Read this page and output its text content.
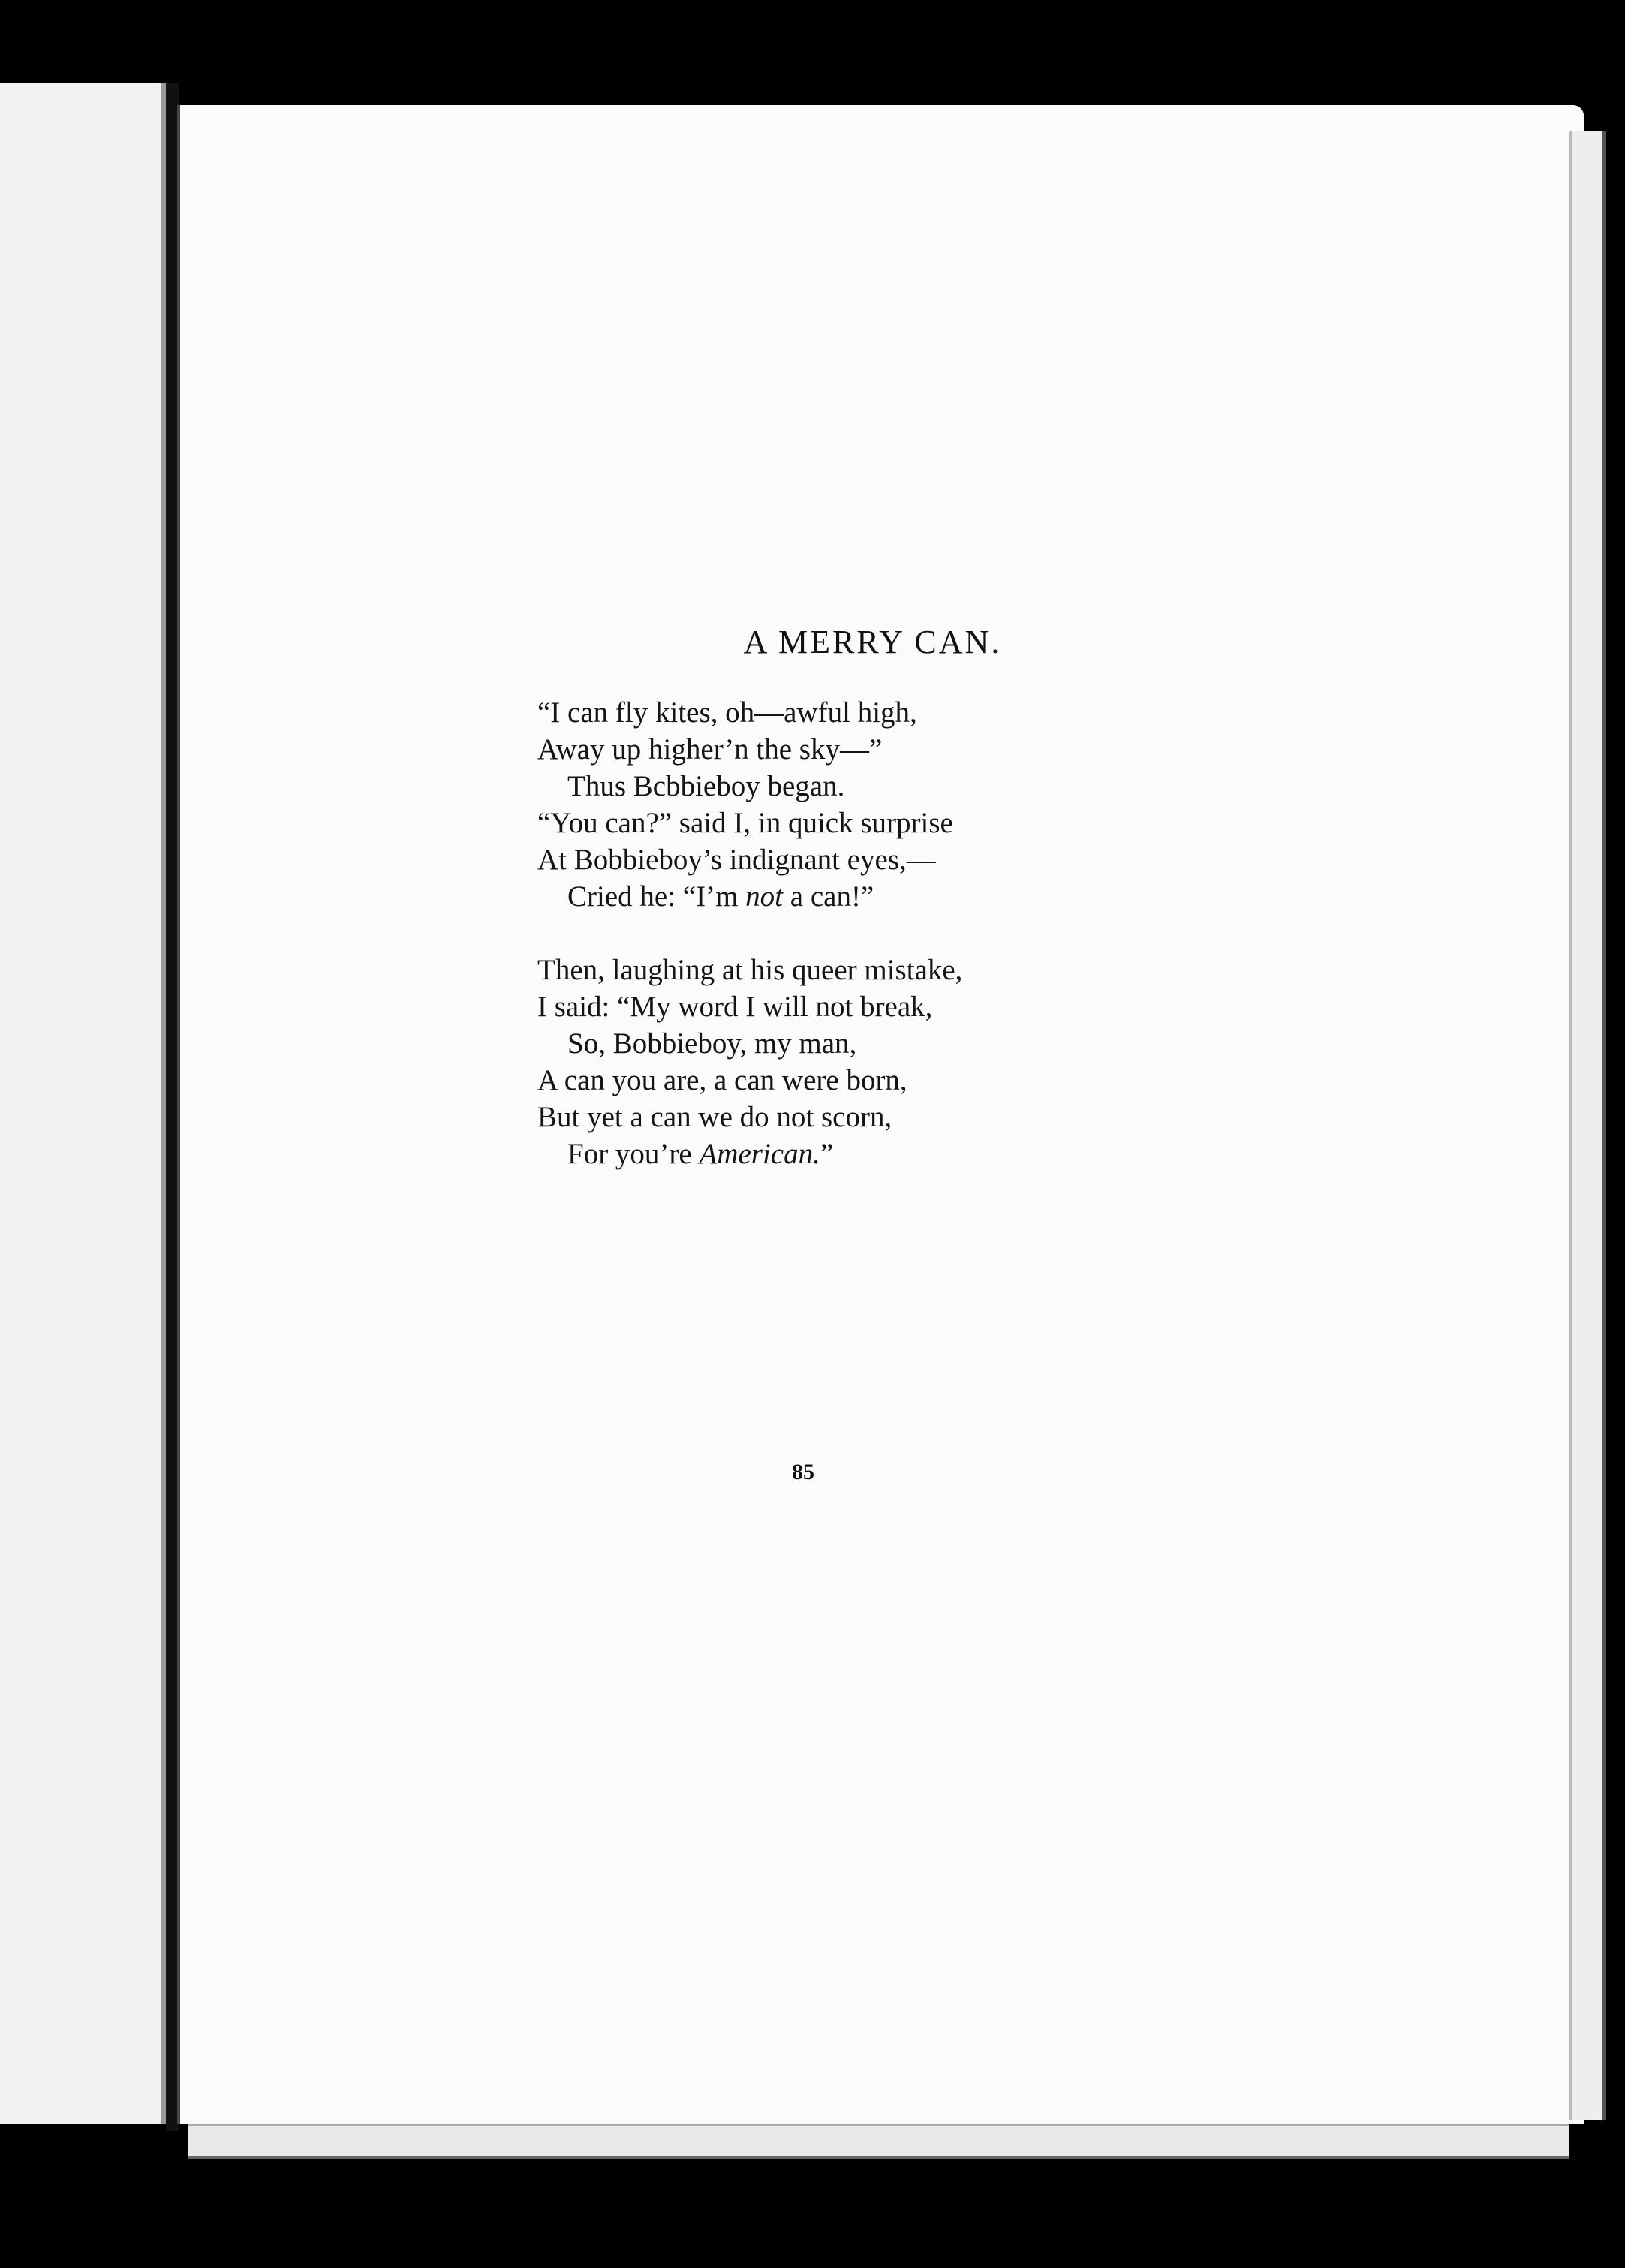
A MERRY CAN.
“I can fly kites, oh—awful high,
Away up higher’n the sky—”
Thus Bcbbieboy began.
“You can?” said I, in quick surprise
At Bobbieboy’s indignant eyes,—
Cried he: “I’m not a can!”
Then, laughing at his queer mistake,
I said: “My word I will not break,
So, Bobbieboy, my man,
A can you are, a can were born,
But yet a can we do not scorn,
For you’re American.”
85
